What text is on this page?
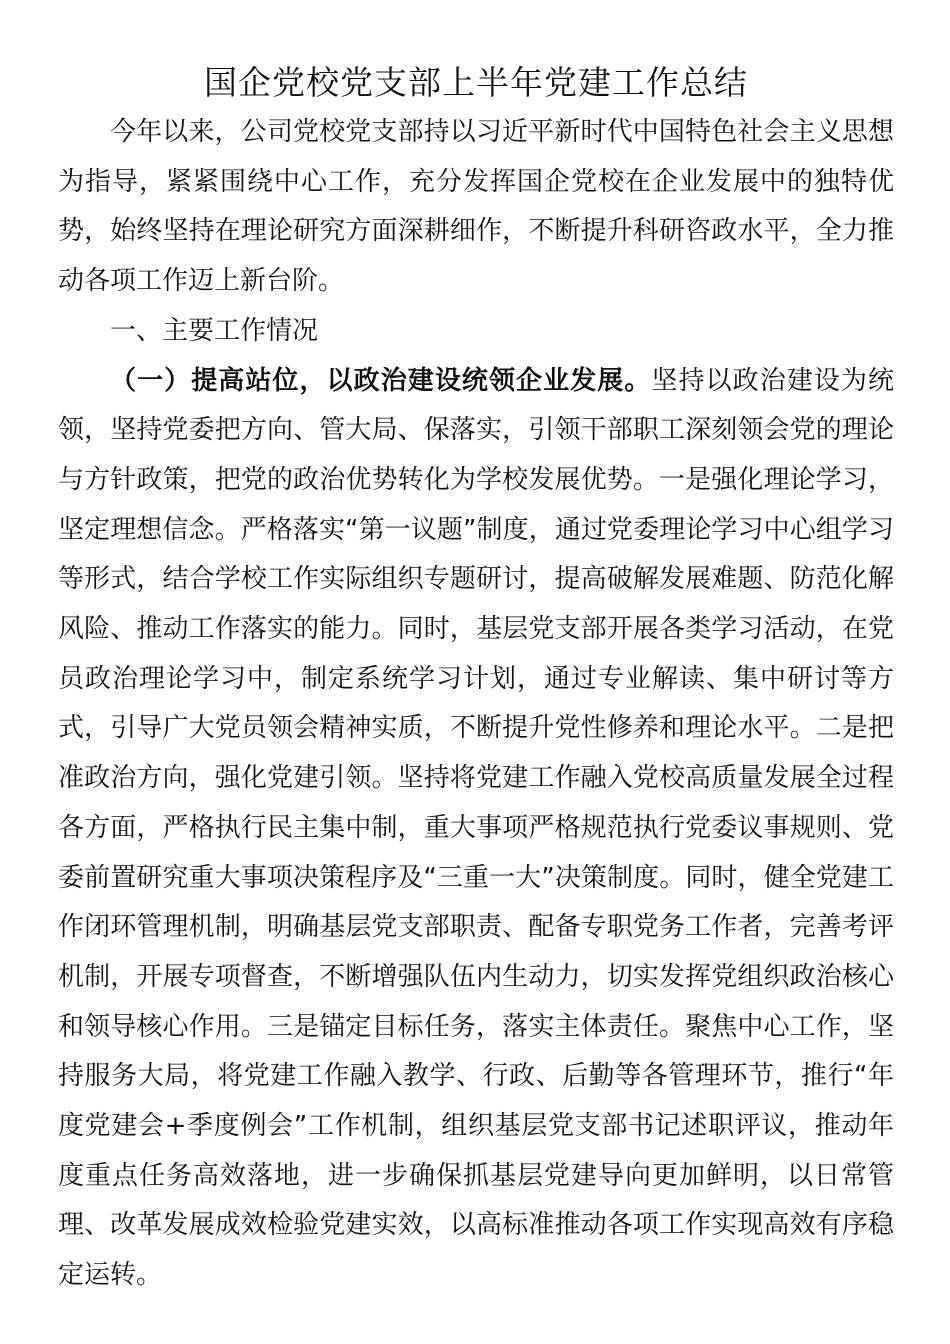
国企党校党支部上半年党建工作总结

今年以来，公司党校党支部持以习近平新时代中国特色社会主义思想为指导，紧紧围绕中心工作，充分发挥国企党校在企业发展中的独特优势，始终坚持在理论研究方面深耕细作，不断提升科研咨政水平，全力推动各项工作迈上新台阶。

一、主要工作情况

（一）提高站位，以政治建设统领企业发展。坚持以政治建设为统领，坚持党委把方向、管大局、保落实，引领干部职工深刻领会党的理论与方针政策，把党的政治优势转化为学校发展优势。一是强化理论学习，坚定理想信念。严格落实“第一议题”制度，通过党委理论学习中心组学习等形式，结合学校工作实际组织专题研讨，提高破解发展难题、防范化解风险、推动工作落实的能力。同时，基层党支部开展各类学习活动，在党员政治理论学习中，制定系统学习计划，通过专业解读、集中研讨等方式，引导广大党员领会精神实质，不断提升党性修养和理论水平。二是把准政治方向，强化党建引领。坚持将党建工作融入党校高质量发展全过程各方面，严格执行民主集中制，重大事项严格规范执行党委议事规则、党委前置研究重大事项决策程序及“三重一大”决策制度。同时，健全党建工作闭环管理机制，明确基层党支部职责、配备专职党务工作者，完善考评机制，开展专项督查，不断增强队伍内生动力，切实发挥党组织政治核心和领导核心作用。三是锚定目标任务，落实主体责任。聚焦中心工作，坚持服务大局，将党建工作融入教学、行政、后勤等各管理环节，推行“年度党建会+季度例会”工作机制，组织基层党支部书记述职评议，推动年度重点任务高效落地，进一步确保抓基层党建导向更加鲜明，以日常管理、改革发展成效检验党建实效，以高标准推动各项工作实现高效有序稳定运转。
